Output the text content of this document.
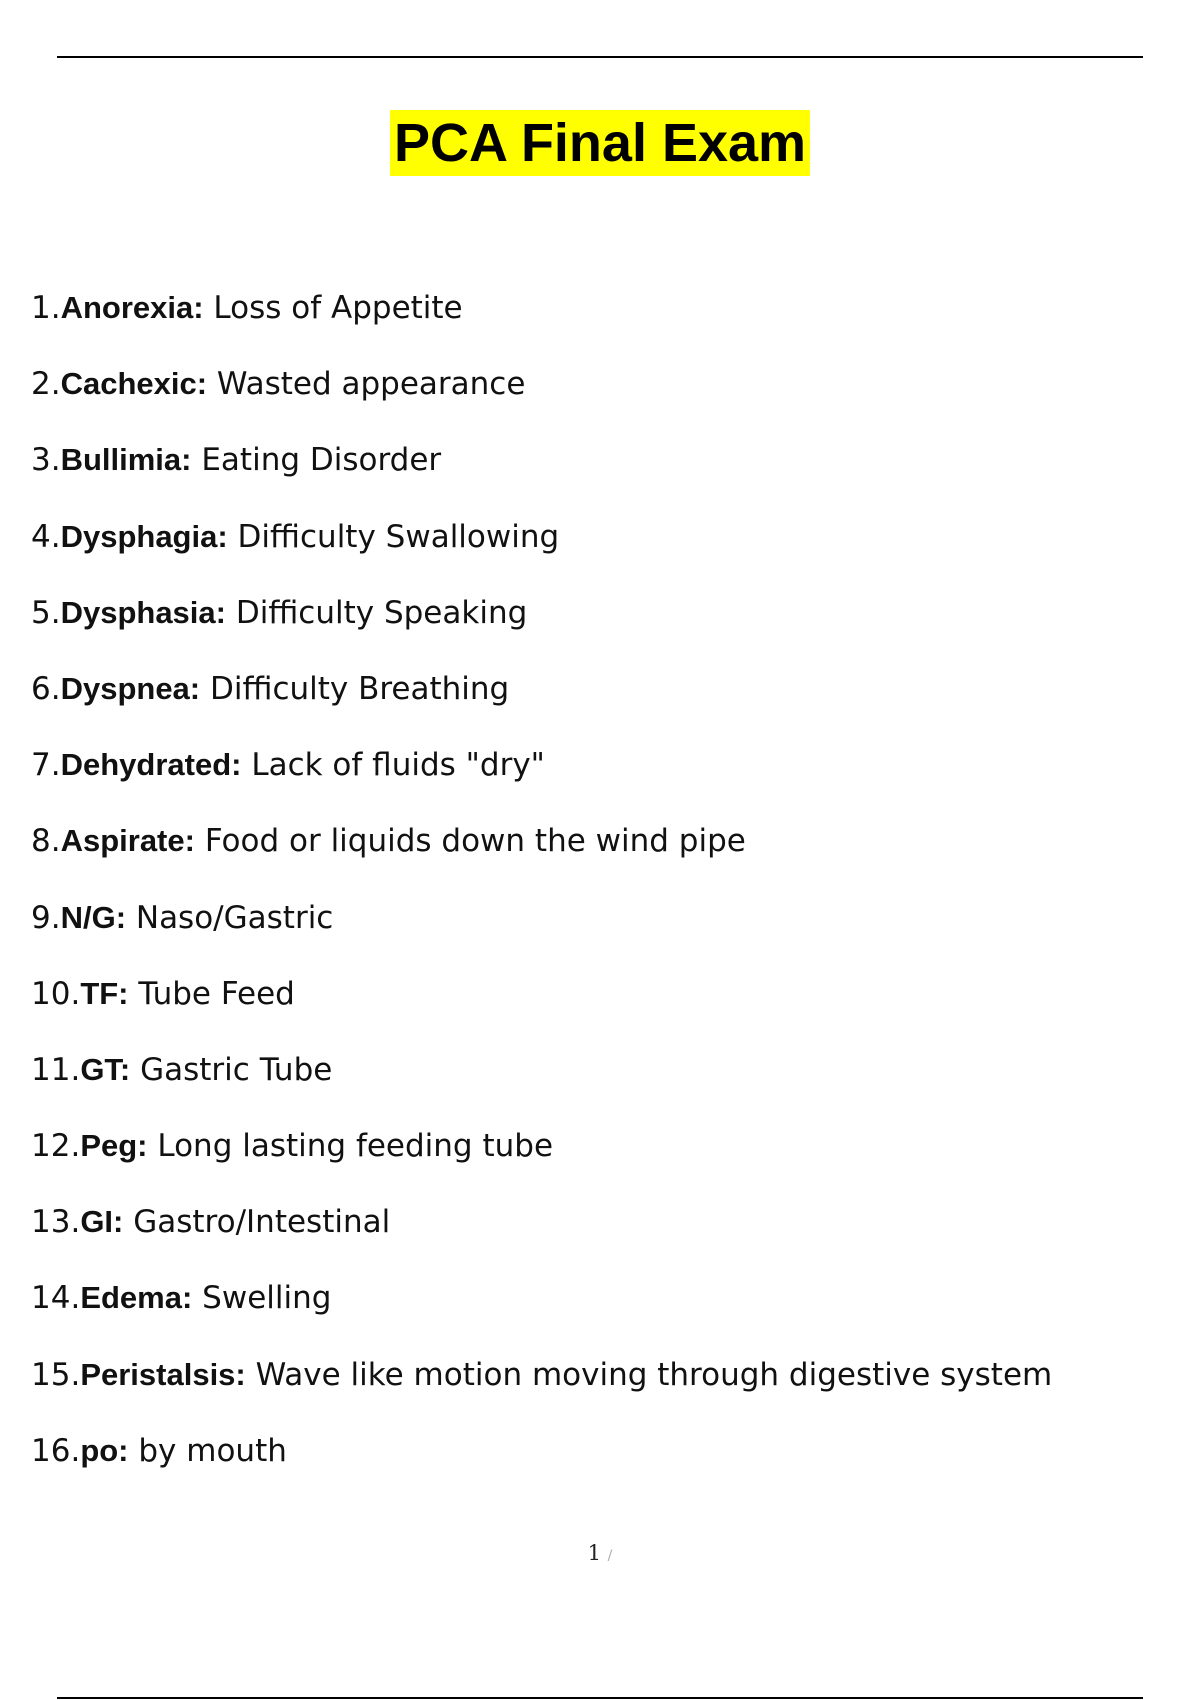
PCA Final Exam
1.Anorexia: Loss of Appetite
2.Cachexic: Wasted appearance
3.Bullimia: Eating Disorder
4.Dysphagia: Difficulty Swallowing
5.Dysphasia: Difficulty Speaking
6.Dyspnea: Difficulty Breathing
7.Dehydrated: Lack of fluids "dry"
8.Aspirate: Food or liquids down the wind pipe
9.N/G: Naso/Gastric
10.TF: Tube Feed
11.GT: Gastric Tube
12.Peg: Long lasting feeding tube
13.GI: Gastro/Intestinal
14.Edema: Swelling
15.Peristalsis: Wave like motion moving through digestive system
16.po: by mouth
1 /
